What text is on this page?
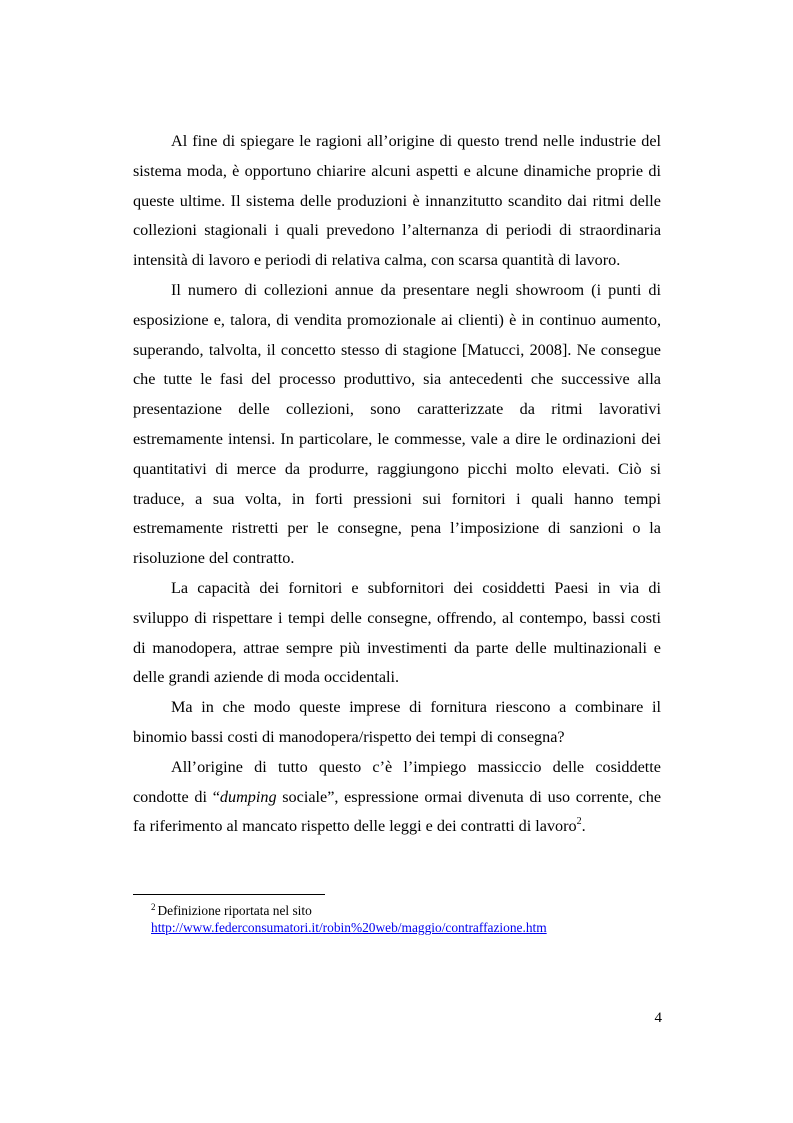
Al fine di spiegare le ragioni all’origine di questo trend nelle industrie del sistema moda, è opportuno chiarire alcuni aspetti e alcune dinamiche proprie di queste ultime. Il sistema delle produzioni è innanzitutto scandito dai ritmi delle collezioni stagionali i quali prevedono l’alternanza di periodi di straordinaria intensità di lavoro e periodi di relativa calma, con scarsa quantità di lavoro.

Il numero di collezioni annue da presentare negli showroom (i punti di esposizione e, talora, di vendita promozionale ai clienti) è in continuo aumento, superando, talvolta, il concetto stesso di stagione [Matucci, 2008]. Ne consegue che tutte le fasi del processo produttivo, sia antecedenti che successive alla presentazione delle collezioni, sono caratterizzate da ritmi lavorativi estremamente intensi. In particolare, le commesse, vale a dire le ordinazioni dei quantitativi di merce da produrre, raggiungono picchi molto elevati. Ciò si traduce, a sua volta, in forti pressioni sui fornitori i quali hanno tempi estremamente ristretti per le consegne, pena l’imposizione di sanzioni o la risoluzione del contratto.

La capacità dei fornitori e subfornitori dei cosiddetti Paesi in via di sviluppo di rispettare i tempi delle consegne, offrendo, al contempo, bassi costi di manodopera, attrae sempre più investimenti da parte delle multinazionali e delle grandi aziende di moda occidentali.

Ma in che modo queste imprese di fornitura riescono a combinare il binomio bassi costi di manodopera/rispetto dei tempi di consegna?

All’origine di tutto questo c’è l’impiego massiccio delle cosiddette condotte di “dumping sociale”, espressione ormai divenuta di uso corrente, che fa riferimento al mancato rispetto delle leggi e dei contratti di lavoro$^2$.

$^2$ Definizione riportata nel sito
http://www.federconsumatori.it/robin%20web/maggio/contraffazione.htm
4
